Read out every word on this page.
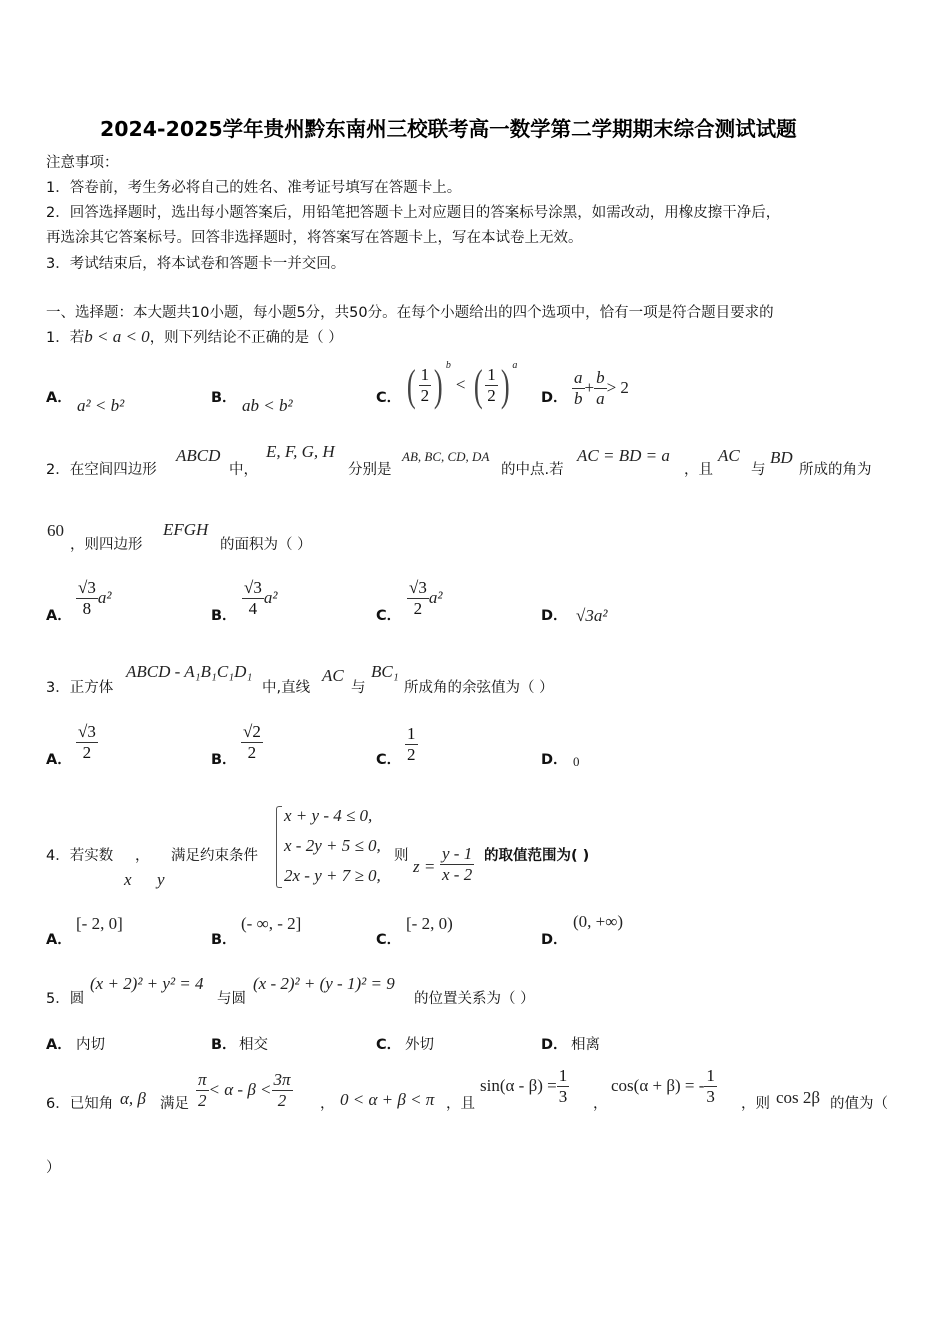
2024-2025学年贵州黔东南州三校联考高一数学第二学期期末综合测试试题
注意事项：
1．答卷前，考生务必将自己的姓名、准考证号填写在答题卡上。
2．回答选择题时，选出每小题答案后，用铅笔把答题卡上对应题目的答案标号涂黑，如需改动，用橡皮擦干净后，
再选涂其它答案标号。回答非选择题时，将答案写在答题卡上，写在本试卷上无效。
3．考试结束后，将本试卷和答题卡一并交回。
一、选择题：本大题共10小题，每小题5分，共50分。在每个小题给出的四个选项中，恰有一项是符合题目要求的
1．若b < a < 0，则下列结论不正确的是（ ）
A． a² < b²	B． ab < b²	C． ( $\frac{1}{2}$ ) $^b$ < ( $\frac{1}{2}$ ) $^a$
D． $\frac{a}{b} + \frac{b}{a} > 2$
2．在空间四边形
ABCD
中，
E, F, G, H
分别是
AB, BC, CD, DA
的中点.若
AC = BD = a
，且
AC
与
BD
所成的角为
60
，则四边形
EFGH
的面积为（ ）
A． $\frac{√3}{8} a^2$
B． $\frac{√3}{4} a^2$
C． $\frac{√3}{2} a^2$
D． √3a²
3．正方体
ABCD - A₁B₁C₁D₁
中,直线
AC
与
BC₁
所成角的余弦值为（ ）
A． $\frac{√3}{2}$	B． $\frac{√2}{2}$	C． $\frac{1}{2}$	D． 0
4．若实数 ， 满足约束条件
x y
x + y - 4 ≤ 0,
x - 2y + 5 ≤ 0,
2x - y + 7 ≥ 0,
则
$z = \frac{y - 1}{x - 2}$ 的取值范围为( )
A．
[- 2, 0]
B．
(- ∞, - 2]
C．
[- 2, 0)
D．
(0, +∞)
5．圆
(x + 2)² + y² = 4
与圆
(x - 2)² + (y - 1)² = 9
的位置关系为（ ）
A． 内切	B． 相交	C． 外切	D． 相离
6．已知角 α, β 满足 $\frac{\pi}{2} < \alpha - \beta < \frac{3\pi}{2}$ ， 0 < α + β < π ，且
$\sin(\alpha - \beta) = \frac{1}{3}$ ，
cos(α + β) = - $\frac{1}{3}$ ，则 cos 2β 的值为（
）
